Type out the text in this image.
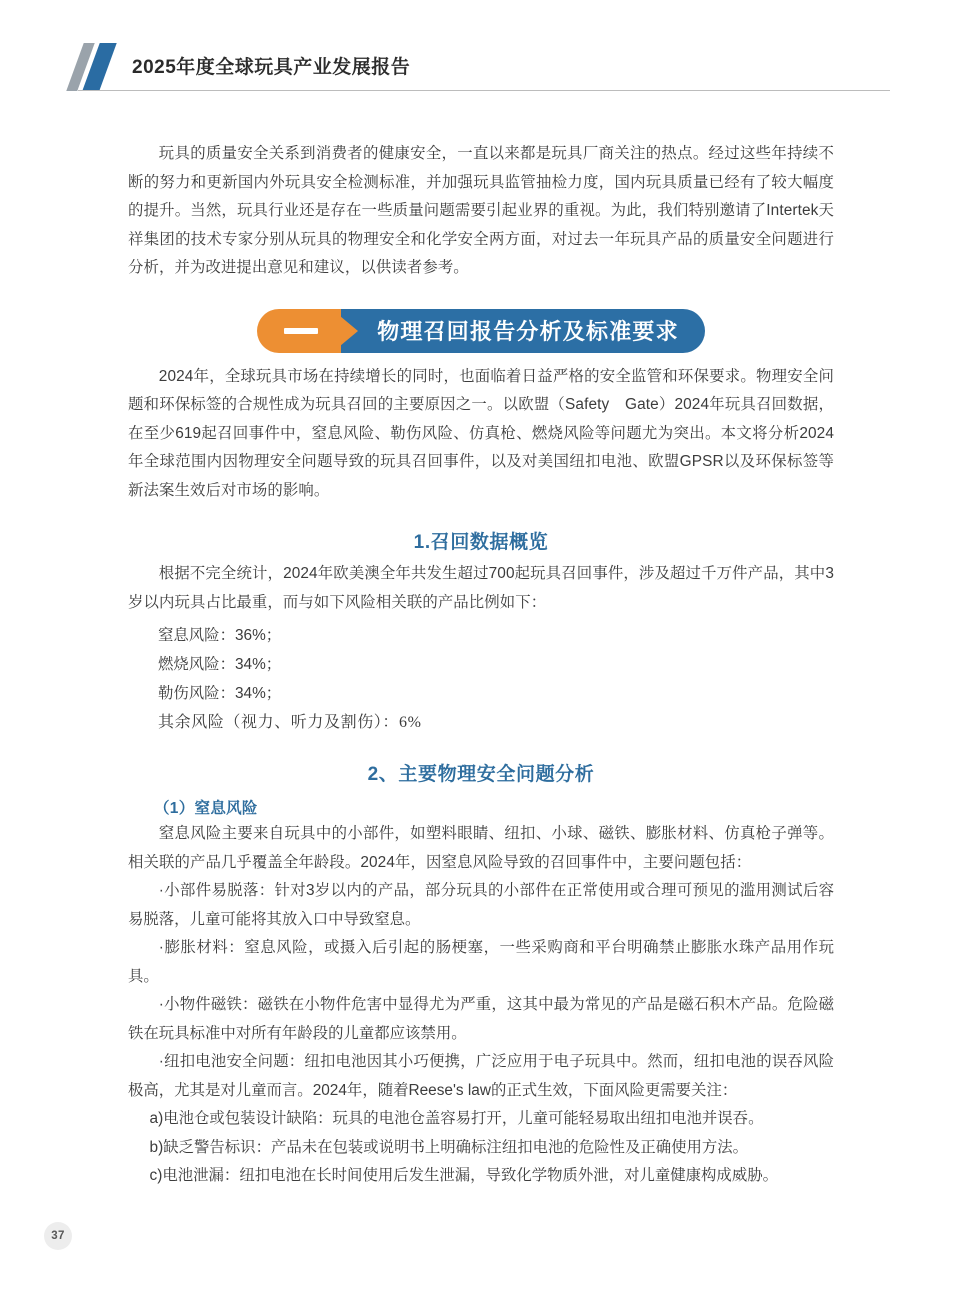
2025年度全球玩具产业发展报告

玩具的质量安全关系到消费者的健康安全，一直以来都是玩具厂商关注的热点。经过这些年持续不断的努力和更新国内外玩具安全检测标准，并加强玩具监管抽检力度，国内玩具质量已经有了较大幅度的提升。当然，玩具行业还是存在一些质量问题需要引起业界的重视。为此，我们特别邀请了Intertek天祥集团的技术专家分别从玩具的物理安全和化学安全两方面，对过去一年玩具产品的质量安全问题进行分析，并为改进提出意见和建议，以供读者参考。

物理召回报告分析及标准要求

2024年，全球玩具市场在持续增长的同时，也面临着日益严格的安全监管和环保要求。物理安全问题和环保标签的合规性成为玩具召回的主要原因之一。以欧盟（Safety　Gate）2024年玩具召回数据，在至少619起召回事件中，窒息风险、勒伤风险、仿真枪、燃烧风险等问题尤为突出。本文将分析2024年全球范围内因物理安全问题导致的玩具召回事件，以及对美国纽扣电池、欧盟GPSR以及环保标签等新法案生效后对市场的影响。

1.召回数据概览

根据不完全统计，2024年欧美澳全年共发生超过700起玩具召回事件，涉及超过千万件产品，其中3岁以内玩具占比最重，而与如下风险相关联的产品比例如下：

窒息风险：36%；
燃烧风险：34%；
勒伤风险：34%；
其余风险（视力、听力及割伤）：6%
2、主要物理安全问题分析
（1）窒息风险

窒息风险主要来自玩具中的小部件，如塑料眼睛、纽扣、小球、磁铁、膨胀材料、仿真枪子弹等。相关联的产品几乎覆盖全年龄段。2024年，因窒息风险导致的召回事件中，主要问题包括：

·小部件易脱落：针对3岁以内的产品，部分玩具的小部件在正常使用或合理可预见的滥用测试后容易脱落，儿童可能将其放入口中导致窒息。

·膨胀材料：窒息风险，或摄入后引起的肠梗塞，一些采购商和平台明确禁止膨胀水珠产品用作玩具。

·小物件磁铁：磁铁在小物件危害中显得尤为严重，这其中最为常见的产品是磁石积木产品。危险磁铁在玩具标准中对所有年龄段的儿童都应该禁用。

·纽扣电池安全问题：纽扣电池因其小巧便携，广泛应用于电子玩具中。然而，纽扣电池的误吞风险极高，尤其是对儿童而言。2024年，随着Reese's law的正式生效，下面风险更需要关注：

a)电池仓或包装设计缺陷：玩具的电池仓盖容易打开，儿童可能轻易取出纽扣电池并误吞。

b)缺乏警告标识：产品未在包装或说明书上明确标注纽扣电池的危险性及正确使用方法。

c)电池泄漏：纽扣电池在长时间使用后发生泄漏，导致化学物质外泄，对儿童健康构成威胁。

37
